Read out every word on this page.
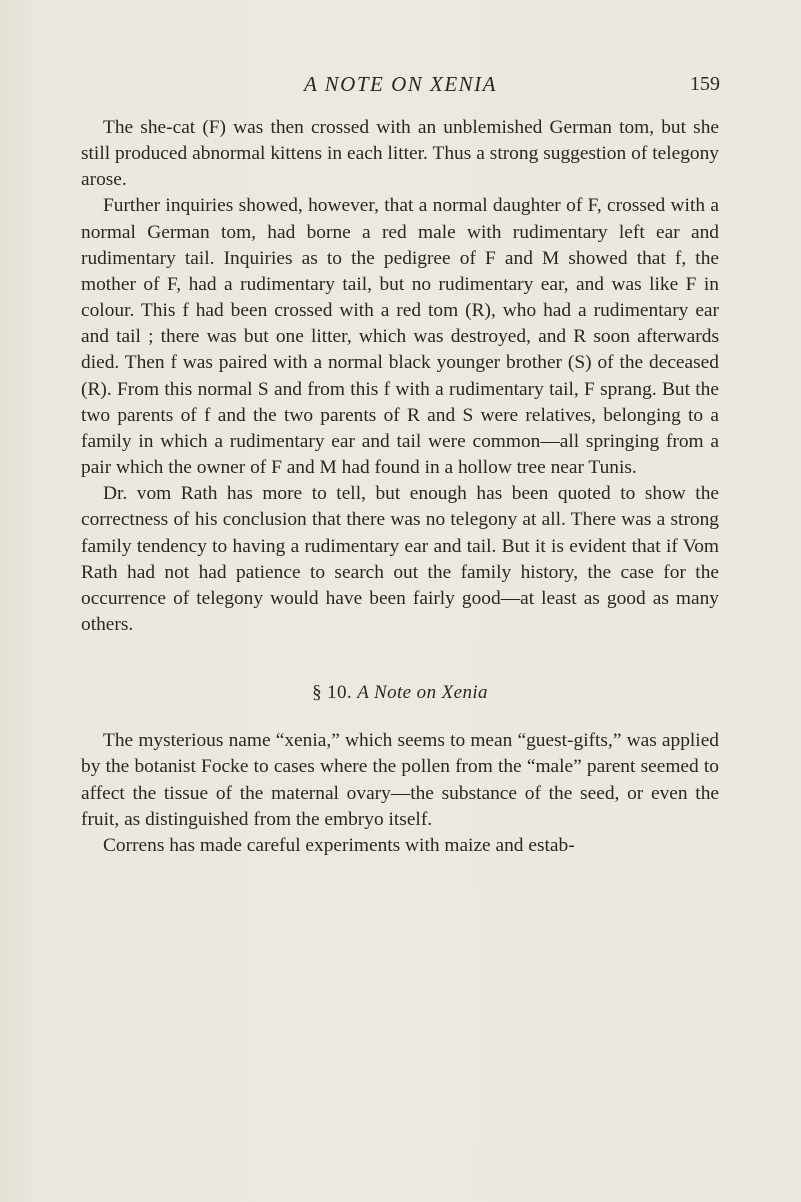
A NOTE ON XENIA	159

The she-cat (F) was then crossed with an unblemished German tom, but she still produced abnormal kittens in each litter. Thus a strong suggestion of telegony arose.

Further inquiries showed, however, that a normal daughter of F, crossed with a normal German tom, had borne a red male with rudimentary left ear and rudimentary tail. Inquiries as to the pedigree of F and M showed that f, the mother of F, had a rudimentary tail, but no rudimentary ear, and was like F in colour. This f had been crossed with a red tom (R), who had a rudimentary ear and tail ; there was but one litter, which was destroyed, and R soon afterwards died. Then f was paired with a normal black younger brother (S) of the deceased (R). From this normal S and from this f with a rudimentary tail, F sprang. But the two parents of f and the two parents of R and S were relatives, belonging to a family in which a rudimentary ear and tail were common—all springing from a pair which the owner of F and M had found in a hollow tree near Tunis.

Dr. vom Rath has more to tell, but enough has been quoted to show the correctness of his conclusion that there was no telegony at all. There was a strong family tendency to having a rudimentary ear and tail. But it is evident that if Vom Rath had not had patience to search out the family history, the case for the occurrence of telegony would have been fairly good—at least as good as many others.

§ 10. A Note on Xenia

The mysterious name “xenia,” which seems to mean “guest-gifts,” was applied by the botanist Focke to cases where the pollen from the “male” parent seemed to affect the tissue of the maternal ovary—the substance of the seed, or even the fruit, as distinguished from the embryo itself.

Correns has made careful experiments with maize and estab-
